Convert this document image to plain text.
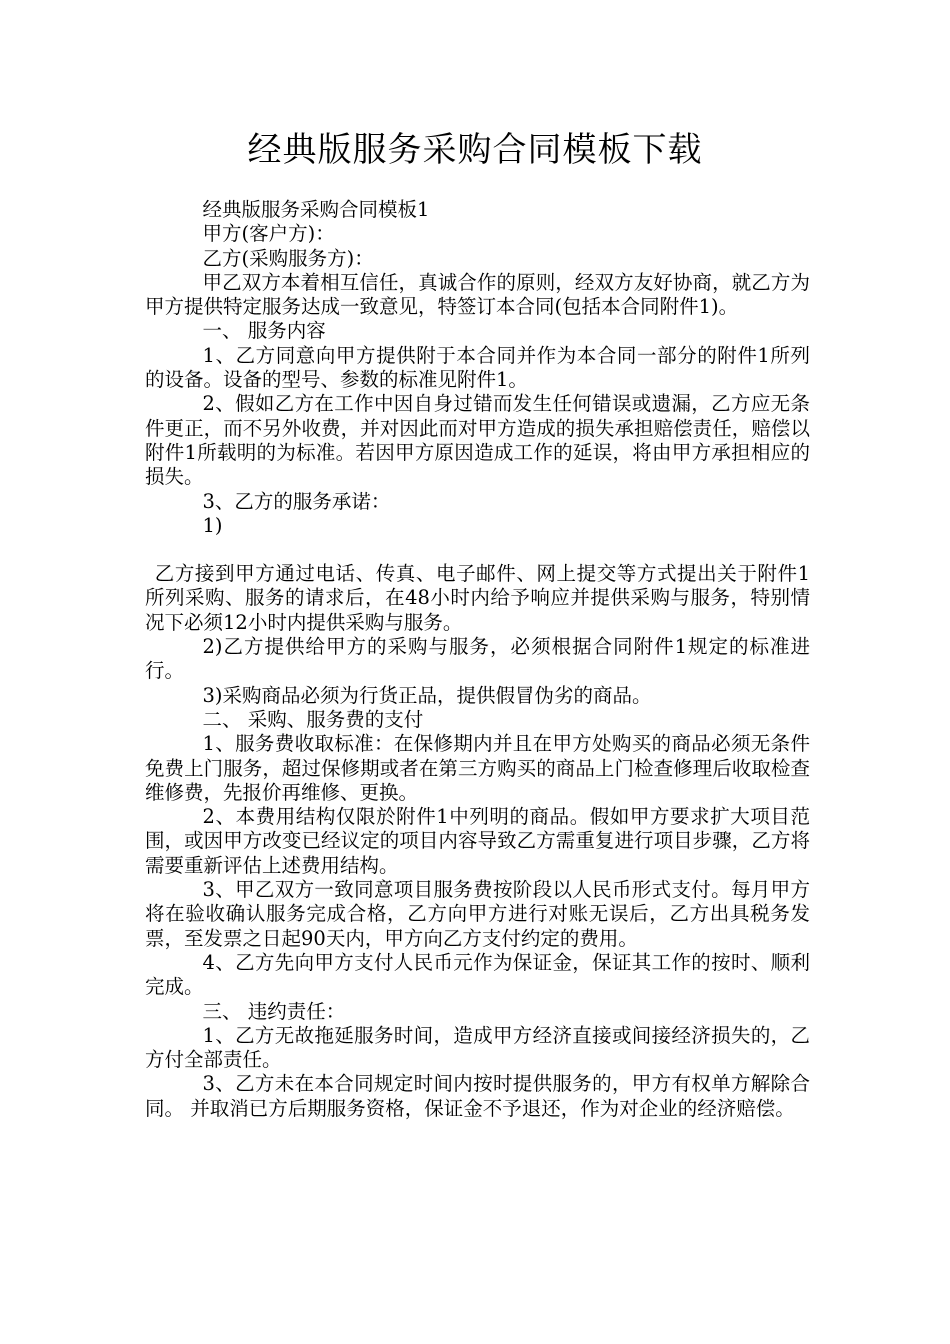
经典版服务采购合同模板下载

经典版服务采购合同模板1

甲方(客户方)：

乙方(采购服务方)：

甲乙双方本着相互信任，真诚合作的原则，经双方友好协商，就乙方为甲方提供特定服务达成一致意见，特签订本合同(包括本合同附件1)。

一、 服务内容

1、乙方同意向甲方提供附于本合同并作为本合同一部分的附件1所列的设备。设备的型号、参数的标准见附件1。

2、假如乙方在工作中因自身过错而发生任何错误或遗漏，乙方应无条件更正，而不另外收费，并对因此而对甲方造成的损失承担赔偿责任，赔偿以附件1所载明的为标准。若因甲方原因造成工作的延误，将由甲方承担相应的损失。

3、乙方的服务承诺：

1)

乙方接到甲方通过电话、传真、电子邮件、网上提交等方式提出关于附件1所列采购、服务的请求后，在48小时内给予响应并提供采购与服务，特别情况下必须12小时内提供采购与服务。

2)乙方提供给甲方的采购与服务，必须根据合同附件1规定的标准进行。

3)采购商品必须为行货正品，提供假冒伪劣的商品。

二、 采购、服务费的支付

1、服务费收取标准：在保修期内并且在甲方处购买的商品必须无条件免费上门服务，超过保修期或者在第三方购买的商品上门检查修理后收取检查维修费，先报价再维修、更换。

2、本费用结构仅限於附件1中列明的商品。假如甲方要求扩大项目范围，或因甲方改变已经议定的项目内容导致乙方需重复进行项目步骤，乙方将需要重新评估上述费用结构。

3、甲乙双方一致同意项目服务费按阶段以人民币形式支付。每月甲方将在验收确认服务完成合格，乙方向甲方进行对账无误后，乙方出具税务发票，至发票之日起90天内，甲方向乙方支付约定的费用。

4、乙方先向甲方支付人民币元作为保证金，保证其工作的按时、顺利完成。

三、 违约责任：

1、乙方无故拖延服务时间，造成甲方经济直接或间接经济损失的，乙方付全部责任。

3、乙方未在本合同规定时间内按时提供服务的，甲方有权单方解除合同。 并取消已方后期服务资格，保证金不予退还，作为对企业的经济赔偿。
